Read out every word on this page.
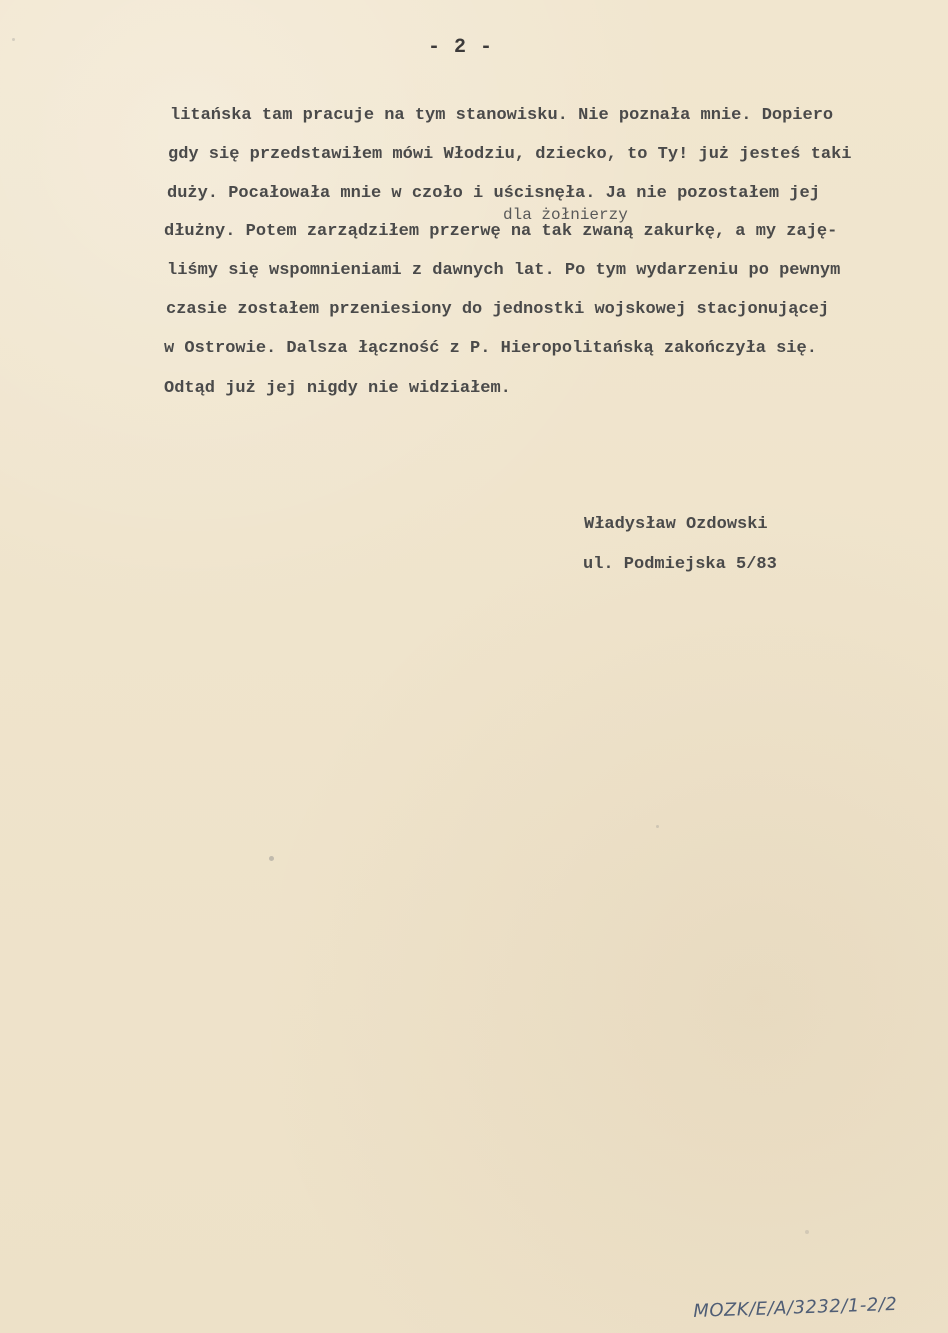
- 2 -
litańska tam pracuje na tym stanowisku. Nie poznała mnie. Dopiero
gdy się przedstawiłem mówi Włodziu, dziecko, to Ty! już jesteś taki
duży. Pocałowała mnie w czoło i uścisnęła. Ja nie pozostałem jej
dla żołnierzy
dłużny. Potem zarządziłem przerwę na tak zwaną zakurkę, a my zaję-
liśmy się wspomnieniami z dawnych lat. Po tym wydarzeniu po pewnym
czasie zostałem przeniesiony do jednostki wojskowej stacjonującej
w Ostrowie. Dalsza łączność z P. Hieropolitańską zakończyła się.
Odtąd już jej nigdy nie widziałem.
Władysław Ozdowski
ul. Podmiejska 5/83
MOZK/E/A/3232/1-2/2
